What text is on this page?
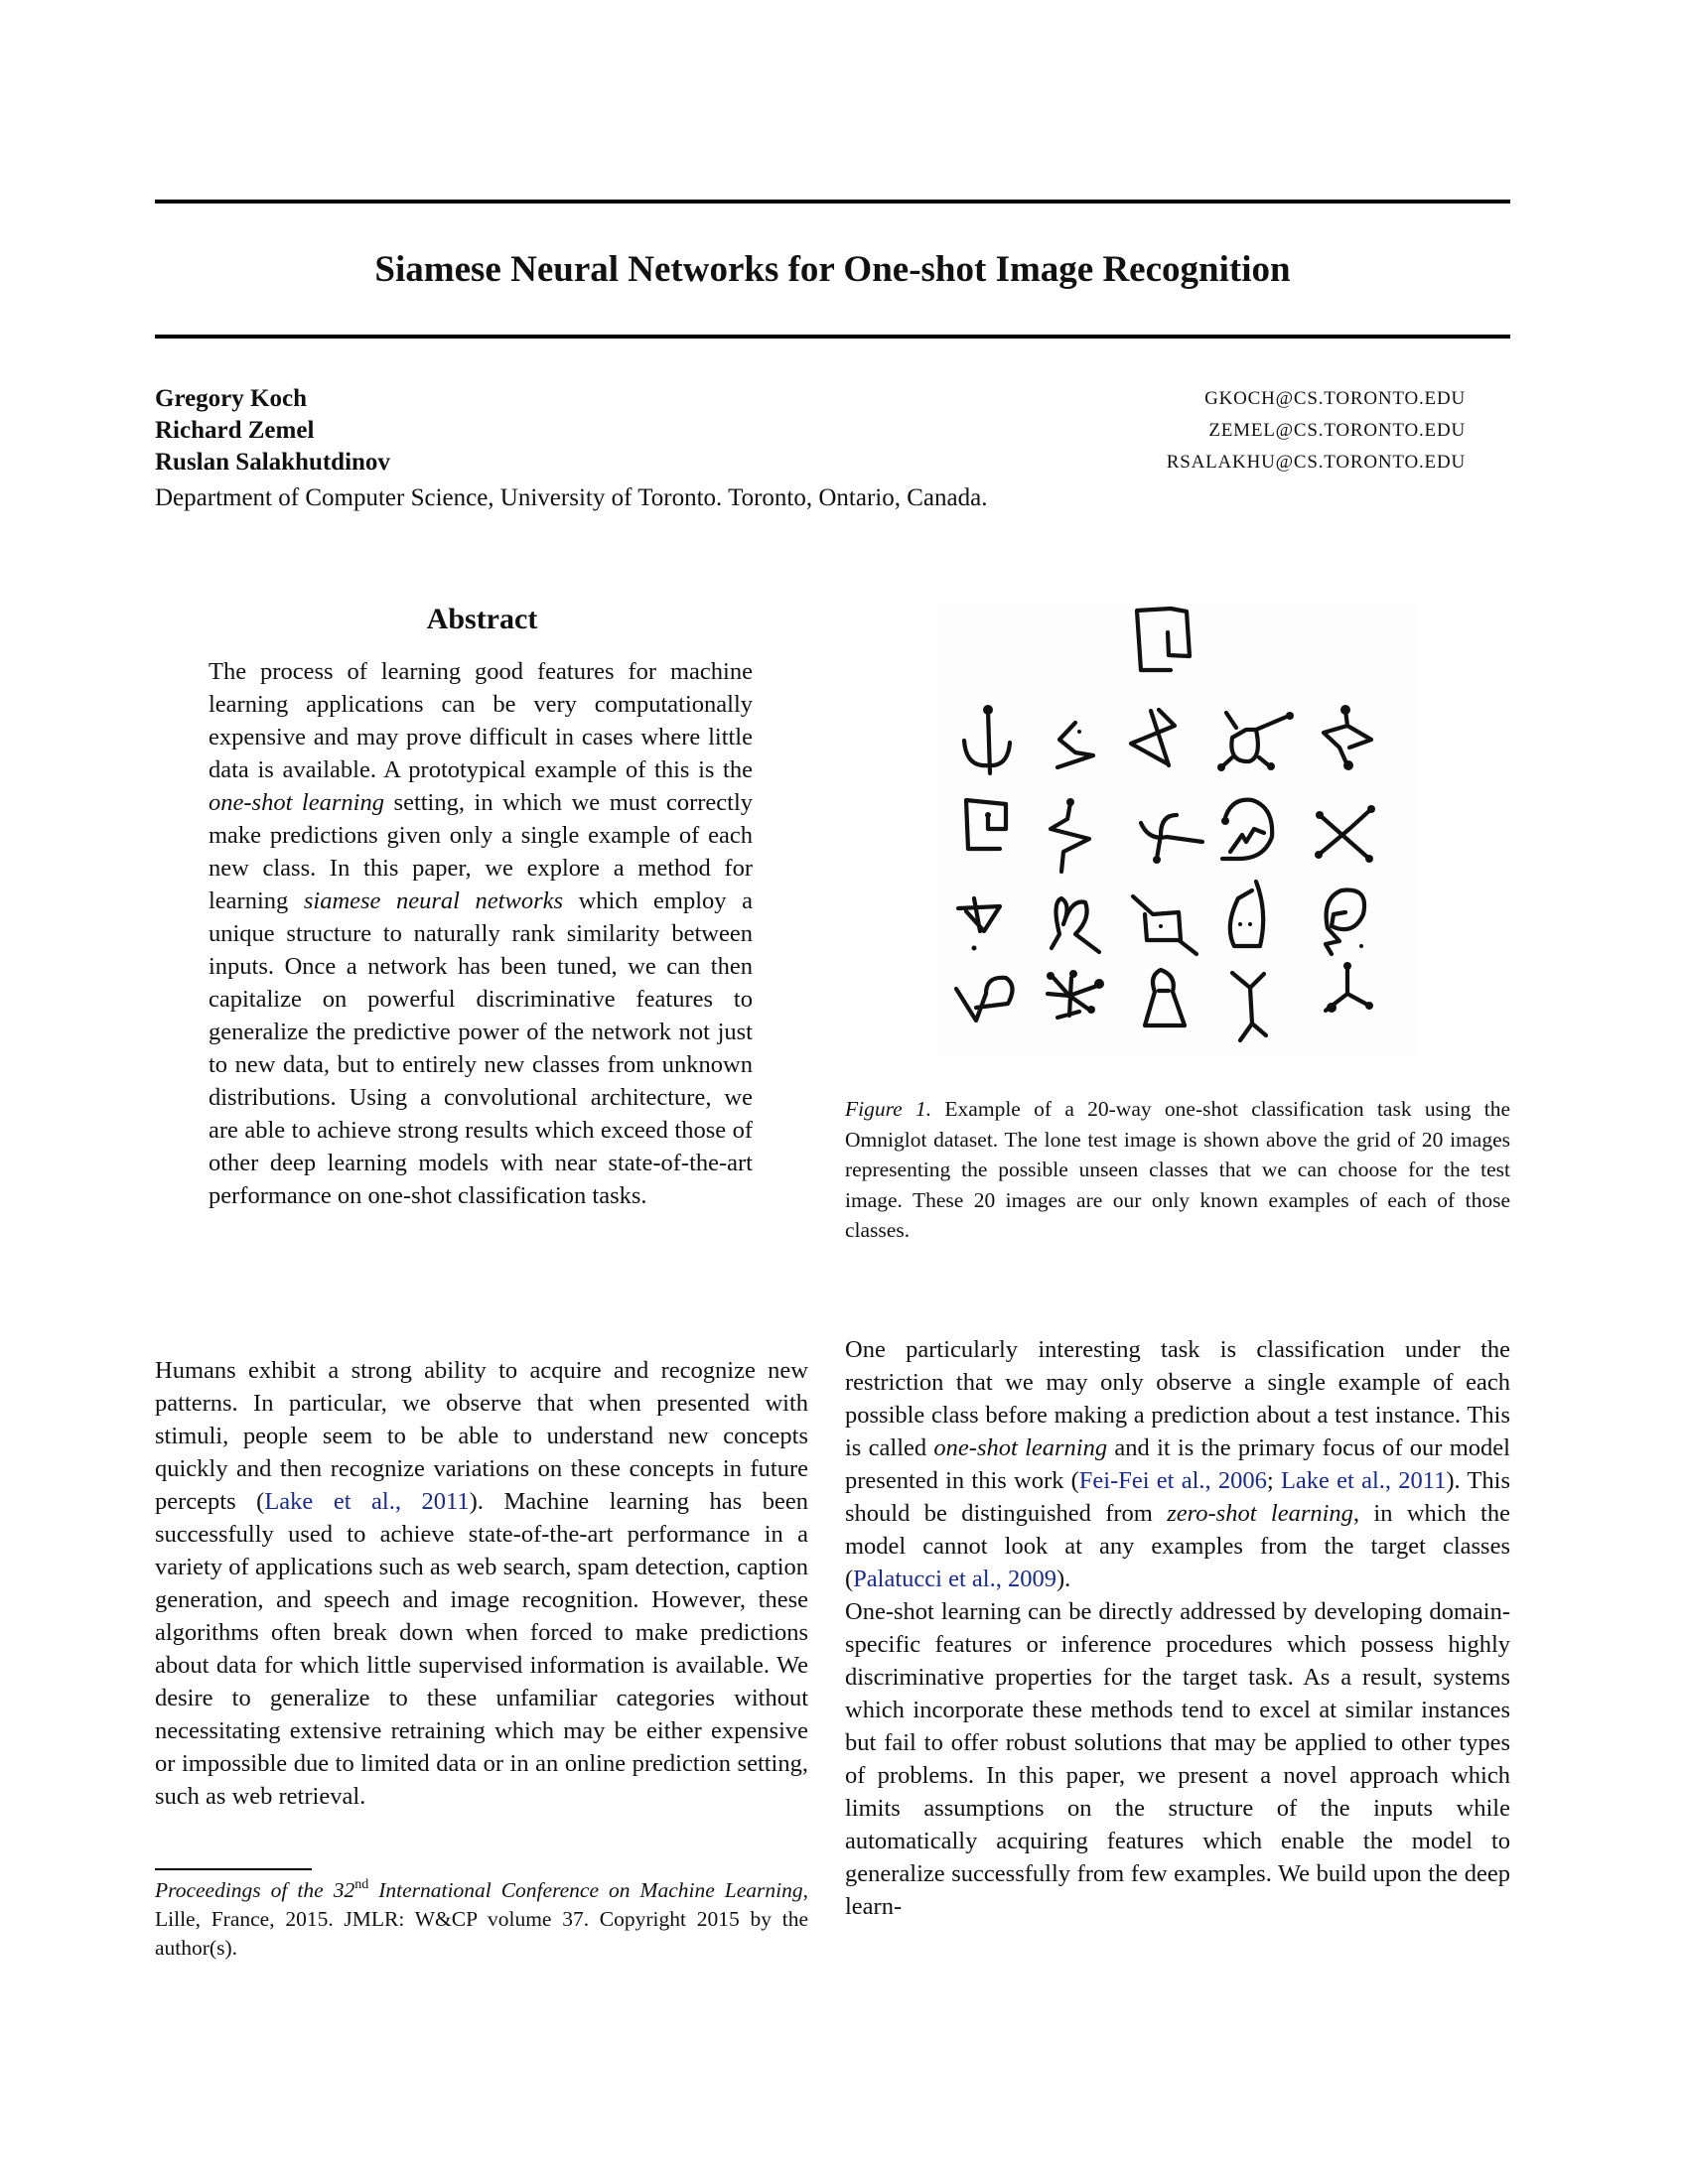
Siamese Neural Networks for One-shot Image Recognition
Gregory Koch	GKOCH@CS.TORONTO.EDU
Richard Zemel	ZEMEL@CS.TORONTO.EDU
Ruslan Salakhutdinov	RSALAKHU@CS.TORONTO.EDU
Department of Computer Science, University of Toronto. Toronto, Ontario, Canada.
Abstract
The process of learning good features for machine learning applications can be very computationally expensive and may prove difficult in cases where little data is available. A prototypical example of this is the one-shot learning setting, in which we must correctly make predictions given only a single example of each new class. In this paper, we explore a method for learning siamese neural networks which employ a unique structure to naturally rank similarity between inputs. Once a network has been tuned, we can then capitalize on powerful discriminative features to generalize the predictive power of the network not just to new data, but to entirely new classes from unknown distributions. Using a convolutional architecture, we are able to achieve strong results which exceed those of other deep learning models with near state-of-the-art performance on one-shot classification tasks.
Figure 1. Example of a 20-way one-shot classification task using the Omniglot dataset. The lone test image is shown above the grid of 20 images representing the possible unseen classes that we can choose for the test image. These 20 images are our only known examples of each of those classes.

Humans exhibit a strong ability to acquire and recognize new patterns. In particular, we observe that when presented with stimuli, people seem to be able to understand new concepts quickly and then recognize variations on these concepts in future percepts (Lake et al., 2011). Machine learning has been successfully used to achieve state-of-the-art performance in a variety of applications such as web search, spam detection, caption generation, and speech and image recognition. However, these algorithms often break down when forced to make predictions about data for which little supervised information is available. We desire to generalize to these unfamiliar categories without necessitating extensive retraining which may be either expensive or impossible due to limited data or in an online prediction setting, such as web retrieval.

Proceedings of the 32nd International Conference on Machine Learning, Lille, France, 2015. JMLR: W&CP volume 37. Copyright 2015 by the author(s).

One particularly interesting task is classification under the restriction that we may only observe a single example of each possible class before making a prediction about a test instance. This is called one-shot learning and it is the primary focus of our model presented in this work (Fei-Fei et al., 2006; Lake et al., 2011). This should be distinguished from zero-shot learning, in which the model cannot look at any examples from the target classes (Palatucci et al., 2009).

One-shot learning can be directly addressed by developing domain-specific features or inference procedures which possess highly discriminative properties for the target task. As a result, systems which incorporate these methods tend to excel at similar instances but fail to offer robust solutions that may be applied to other types of problems. In this paper, we present a novel approach which limits assumptions on the structure of the inputs while automatically acquiring features which enable the model to generalize successfully from few examples. We build upon the deep learn-
